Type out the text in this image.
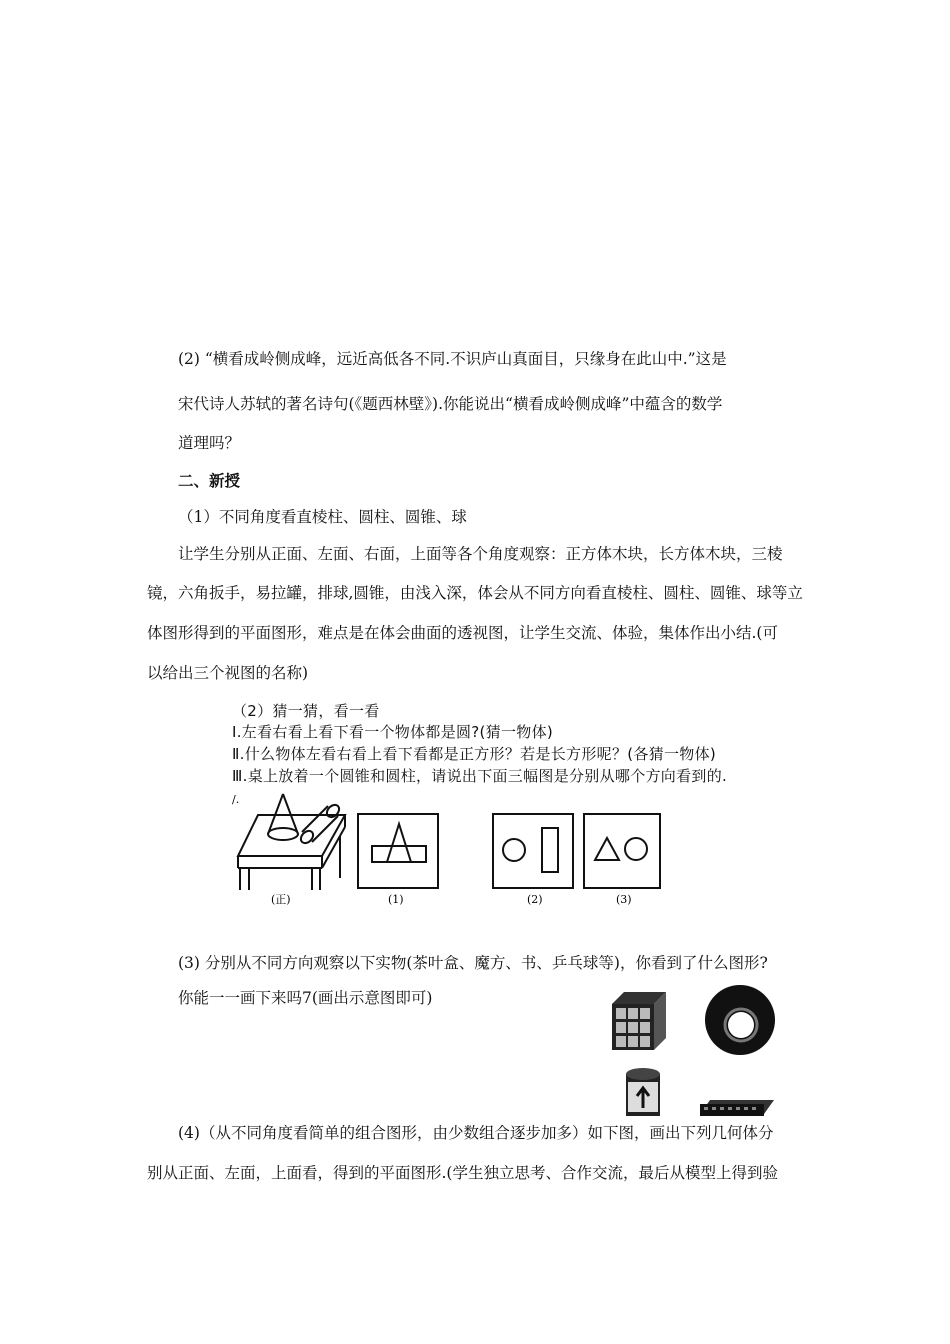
(2) “横看成岭侧成峰，远近高低各不同.不识庐山真面目，只缘身在此山中.”这是
宋代诗人苏轼的著名诗句(《题西林壁》).你能说出“横看成岭侧成峰”中蕴含的数学
道理吗？
二、新授
（1）不同角度看直棱柱、圆柱、圆锥、球
让学生分别从正面、左面、右面，上面等各个角度观察：正方体木块，长方体木块，三棱
镜，六角扳手，易拉罐，排球,圆锥，由浅入深，体会从不同方向看直棱柱、圆柱、圆锥、球等立
体图形得到的平面图形，难点是在体会曲面的透视图，让学生交流、体验，集体作出小结.(可
以给出三个视图的名称)
（2）猜一猜，看一看
Ⅰ.左看右看上看下看一个物体都是圆?(猜一物体)
Ⅱ.什么物体左看右看上看下看都是正方形？若是长方形呢？(各猜一物体)
Ⅲ.桌上放着一个圆锥和圆柱，请说出下面三幅图是分别从哪个方向看到的.
/.
(正)	(1)	(2)	(3)
(3) 分别从不同方向观察以下实物(茶叶盒、魔方、书、乒乓球等)，你看到了什么图形?
你能一一画下来吗7(画出示意图即可)
(4)（从不同角度看简单的组合图形，由少数组合逐步加多）如下图，画出下列几何体分
别从正面、左面，上面看，得到的平面图形.(学生独立思考、合作交流，最后从模型上得到验
